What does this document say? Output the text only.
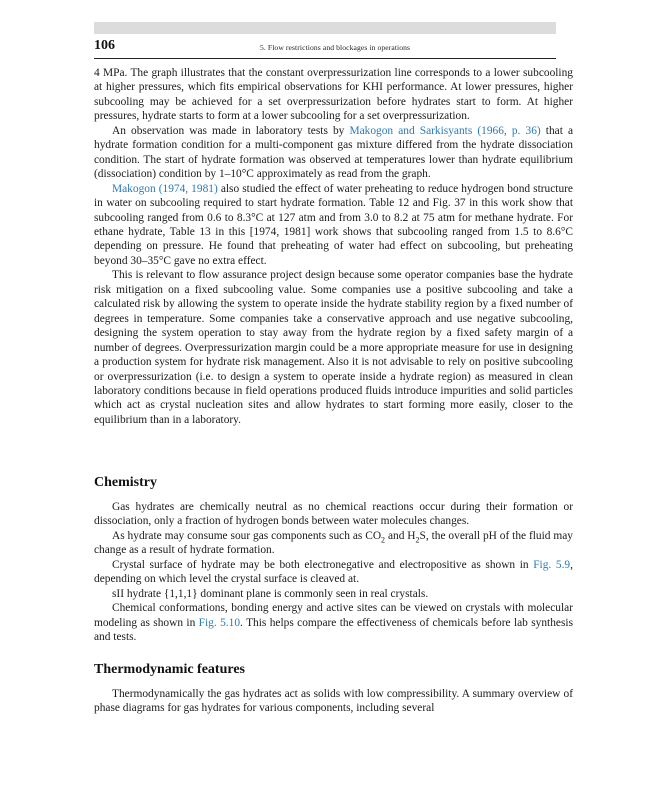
106	5. Flow restrictions and blockages in operations

4 MPa. The graph illustrates that the constant overpressurization line corresponds to a lower subcooling at higher pressures, which fits empirical observations for KHI performance. At lower pressures, higher subcooling may be achieved for a set overpressurization before hydrates start to form. At higher pressures, hydrate starts to form at a lower subcooling for a set overpressurization.

An observation was made in laboratory tests by Makogon and Sarkisyants (1966, p. 36) that a hydrate formation condition for a multi-component gas mixture differed from the hydrate dissociation condition. The start of hydrate formation was observed at temperatures lower than hydrate equilibrium (dissociation) condition by 1–10°C approximately as read from the graph.

Makogon (1974, 1981) also studied the effect of water preheating to reduce hydrogen bond structure in water on subcooling required to start hydrate formation. Table 12 and Fig. 37 in this work show that subcooling ranged from 0.6 to 8.3°C at 127 atm and from 3.0 to 8.2 at 75 atm for methane hydrate. For ethane hydrate, Table 13 in this [1974, 1981] work shows that subcooling ranged from 1.5 to 8.6°C depending on pressure. He found that preheating of water had effect on subcooling, but preheating beyond 30–35°C gave no extra effect.

This is relevant to flow assurance project design because some operator companies base the hydrate risk mitigation on a fixed subcooling value. Some companies use a positive subcooling and take a calculated risk by allowing the system to operate inside the hydrate stability region by a fixed number of degrees in temperature. Some companies take a conservative approach and use negative subcooling, designing the system operation to stay away from the hydrate region by a fixed safety margin of a number of degrees. Overpressurization margin could be a more appropriate measure for use in designing a production system for hydrate risk management. Also it is not advisable to rely on positive subcooling or overpressurization (i.e. to design a system to operate inside a hydrate region) as measured in clean laboratory conditions because in field operations produced fluids introduce impurities and solid particles which act as crystal nucleation sites and allow hydrates to start forming more easily, closer to the equilibrium than in a laboratory.

Chemistry

Gas hydrates are chemically neutral as no chemical reactions occur during their formation or dissociation, only a fraction of hydrogen bonds between water molecules changes.

As hydrate may consume sour gas components such as $CO_2$ and $H_2S$, the overall pH of the fluid may change as a result of hydrate formation.

Crystal surface of hydrate may be both electronegative and electropositive as shown in Fig. 5.9, depending on which level the crystal surface is cleaved at.

sII hydrate {1,1,1} dominant plane is commonly seen in real crystals.

Chemical conformations, bonding energy and active sites can be viewed on crystals with molecular modeling as shown in Fig. 5.10. This helps compare the effectiveness of chemicals before lab synthesis and tests.

Thermodynamic features

Thermodynamically the gas hydrates act as solids with low compressibility. A summary overview of phase diagrams for gas hydrates for various components, including several
